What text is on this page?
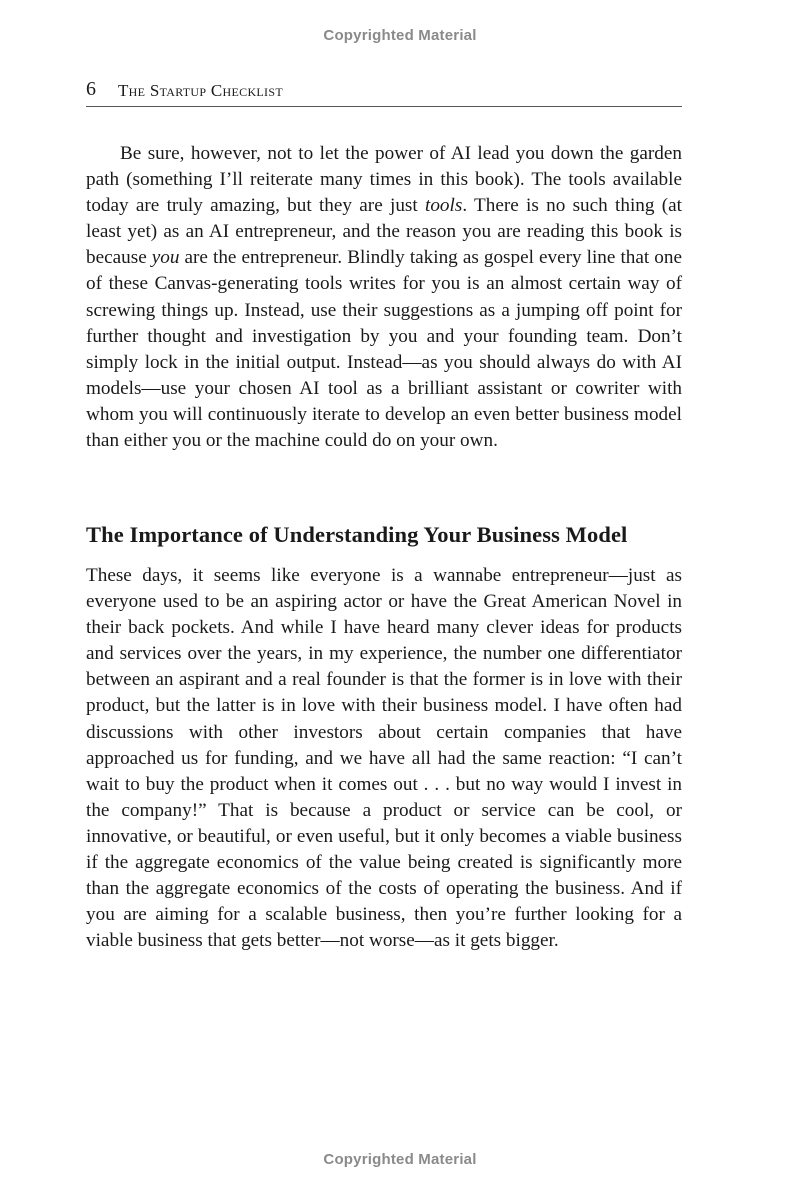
Copyrighted Material
6 The Startup Checklist

Be sure, however, not to let the power of AI lead you down the garden path (something I’ll reiterate many times in this book). The tools available today are truly amazing, but they are just tools. There is no such thing (at least yet) as an AI entrepreneur, and the reason you are reading this book is because you are the entrepreneur. Blindly taking as gospel every line that one of these Canvas-generating tools writes for you is an almost certain way of screwing things up. Instead, use their suggestions as a jumping off point for further thought and investigation by you and your founding team. Don’t simply lock in the initial output. Instead—as you should always do with AI models—use your chosen AI tool as a brilliant assistant or cowriter with whom you will continuously iterate to develop an even better business model than either you or the machine could do on your own.

The Importance of Understanding Your Business Model

These days, it seems like everyone is a wannabe entrepreneur—just as everyone used to be an aspiring actor or have the Great American Novel in their back pockets. And while I have heard many clever ideas for products and services over the years, in my experience, the number one differentiator between an aspirant and a real founder is that the former is in love with their product, but the latter is in love with their business model. I have often had discussions with other investors about certain companies that have approached us for funding, and we have all had the same reaction: “I can’t wait to buy the product when it comes out . . . but no way would I invest in the company!” That is because a product or service can be cool, or innovative, or beautiful, or even useful, but it only becomes a viable business if the aggregate economics of the value being created is significantly more than the aggregate economics of the costs of operating the business. And if you are aiming for a scalable business, then you’re further looking for a viable business that gets better—not worse—as it gets bigger.

Copyrighted Material
